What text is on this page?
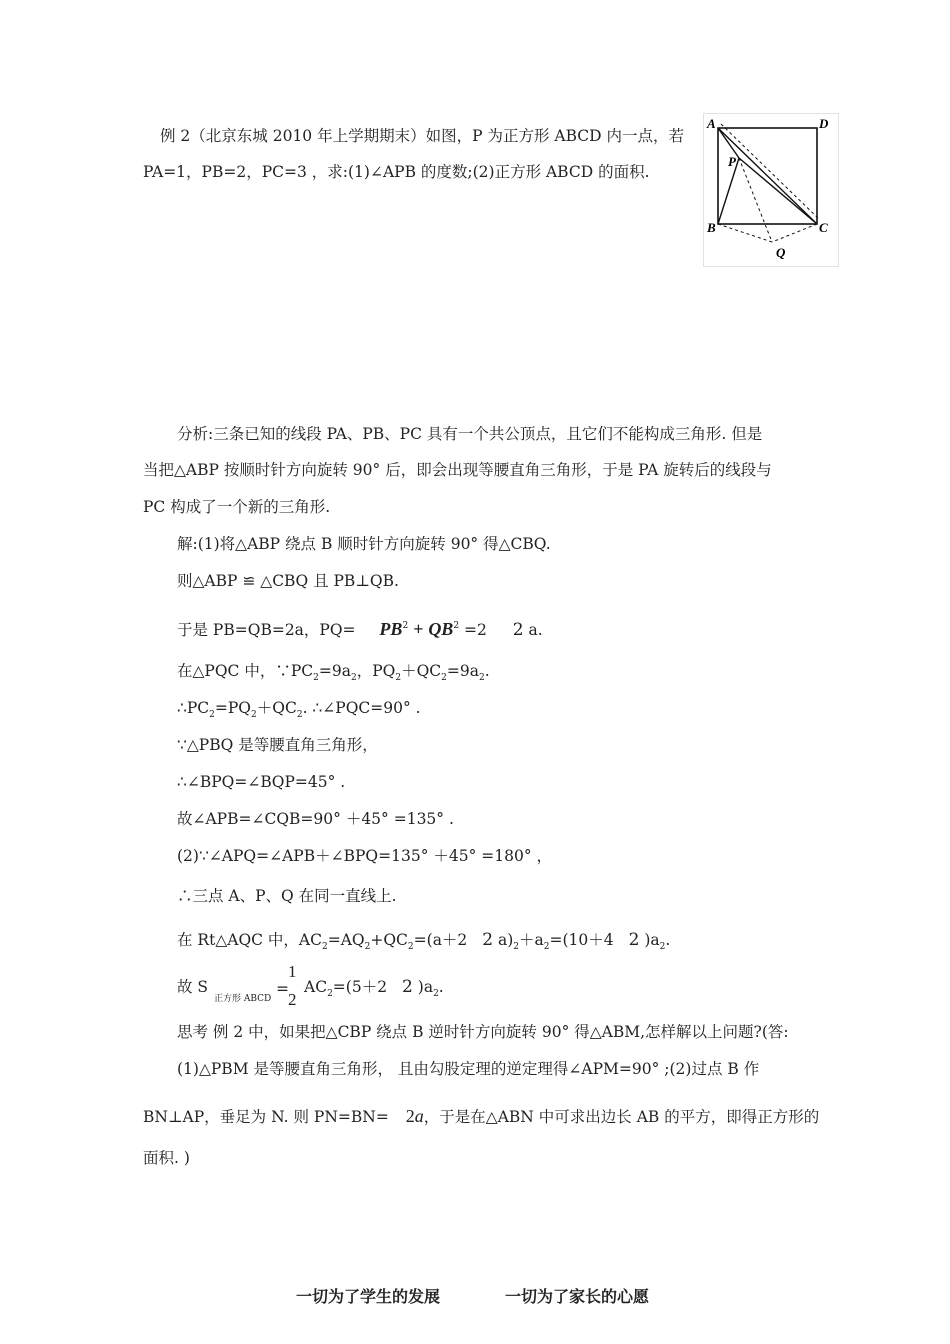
例 2（北京东城 2010 年上学期期末）如图，P 为正方形 ABCD 内一点，若
PA=1，PB=2，PC=3 ，求:(1)∠APB 的度数;(2)正方形 ABCD 的面积.
A	D
P
B	C
Q
分析:三条已知的线段 PA、PB、PC 具有一个共公顶点，且它们不能构成三角形. 但是
当把△ABP 按顺时针方向旋转 90° 后，即会出现等腰直角三角形，于是 PA 旋转后的线段与
PC 构成了一个新的三角形.
解:(1)将△ABP 绕点 B 顺时针方向旋转 90° 得△CBQ.
则△ABP ≌ △CBQ 且 PB⊥QB.
于是 PB=QB=2a，$PQ= PB^2 + QB^2 =2$ 2 a.
在△PQC 中，$\because PC_2=9a_2$，$PQ_2+QC_2=9a_2$.
$\therefore PC_2=PQ_2+QC_2$. ∴∠PQC=90° .
∵△PBQ 是等腰直角三角形，
∴∠BPQ=∠BQP=45° .
故∠APB=∠CQB=90° ＋45° =135° .
(2)∵∠APQ=∠APB＋∠BPQ=135° ＋45° =180° ，
∴三点 A、P、Q 在同一直线上.
在 Rt△AQC 中，$AC_2=AQ_2+QC_2=(a+2$ 2 $a)_2+a_2=(10+4$ 2 )$a_2$.
故 S
正方形 ABCD
=
1
2
$AC_2=(5+2$ 2 )$a_2$.
思考 例 2 中，如果把△CBP 绕点 B 逆时针方向旋转 90° 得△ABM,怎样解以上问题?(答:
(1)△PBM 是等腰直角三角形， 且由勾股定理的逆定理得∠APM=90° ;(2)过点 B 作
BN⊥AP，垂足为 N. 则 PN=BN= 2a，于是在△ABN 中可求出边长 AB 的平方，即得正方形的
面积. )
一切为了学生的发展	一切为了家长的心愿
